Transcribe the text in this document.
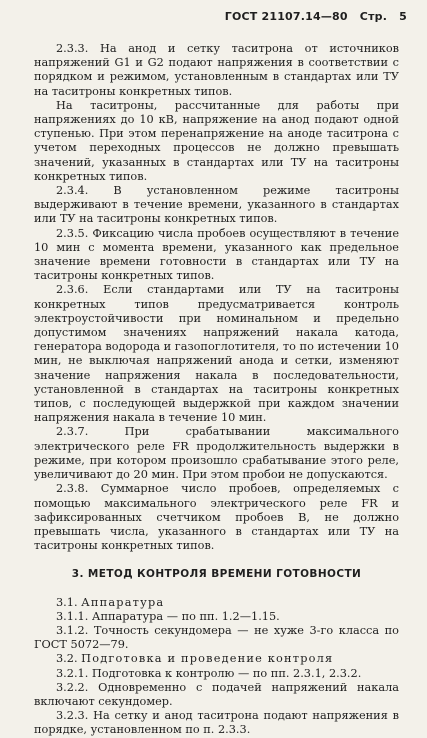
ГОСТ 21107.14—80 Стр. 5

2.3.3. На анод и сетку таситрона от источников напряжений G1 и G2 подают напряжения в соответствии с порядком и режимом, установленным в стандартах или ТУ на таситроны конкретных типов.

На таситроны, рассчитанные для работы при напряжениях до 10 кВ, напряжение на анод подают одной ступенью. При этом перенапряжение на аноде таситрона с учетом переходных процессов не должно превышать значений, указанных в стандартах или ТУ на таситроны конкретных типов.

2.3.4. В установленном режиме таситроны выдерживают в течение времени, указанного в стандартах или ТУ на таситроны конкретных типов.

2.3.5. Фиксацию числа пробоев осуществляют в течение 10 мин с момента времени, указанного как предельное значение времени готовности в стандартах или ТУ на таситроны конкретных типов.

2.3.6. Если стандартами или ТУ на таситроны конкретных типов предусматривается контроль электроустойчивости при номинальном и предельно допустимом значениях напряжений накала катода, генератора водорода и газопоглотителя, то по истечении 10 мин, не выключая напряжений анода и сетки, изменяют значение напряжения накала в последовательности, установленной в стандартах на таситроны конкретных типов, с последующей выдержкой при каждом значении напряжения накала в течение 10 мин.

2.3.7. При срабатывании максимального электрического реле FR продолжительность выдержки в режиме, при котором произошло срабатывание этого реле, увеличивают до 20 мин. При этом пробои не допускаются.

2.3.8. Суммарное число пробоев, определяемых с помощью максимального электрического реле FR и зафиксированных счетчиком пробоев В, не должно превышать числа, указанного в стандартах или ТУ на таситроны конкретных типов.

3. МЕТОД КОНТРОЛЯ ВРЕМЕНИ ГОТОВНОСТИ

3.1. Аппаратура

3.1.1. Аппаратура — по пп. 1.2—1.15.

3.1.2. Точность секундомера — не хуже 3-го класса по ГОСТ 5072—79.

3.2. Подготовка и проведение контроля

3.2.1. Подготовка к контролю — по пп. 2.3.1, 2.3.2.

3.2.2. Одновременно с подачей напряжений накала включают секундомер.

3.2.3. На сетку и анод таситрона подают напряжения в порядке, установленном по п. 2.3.3.
